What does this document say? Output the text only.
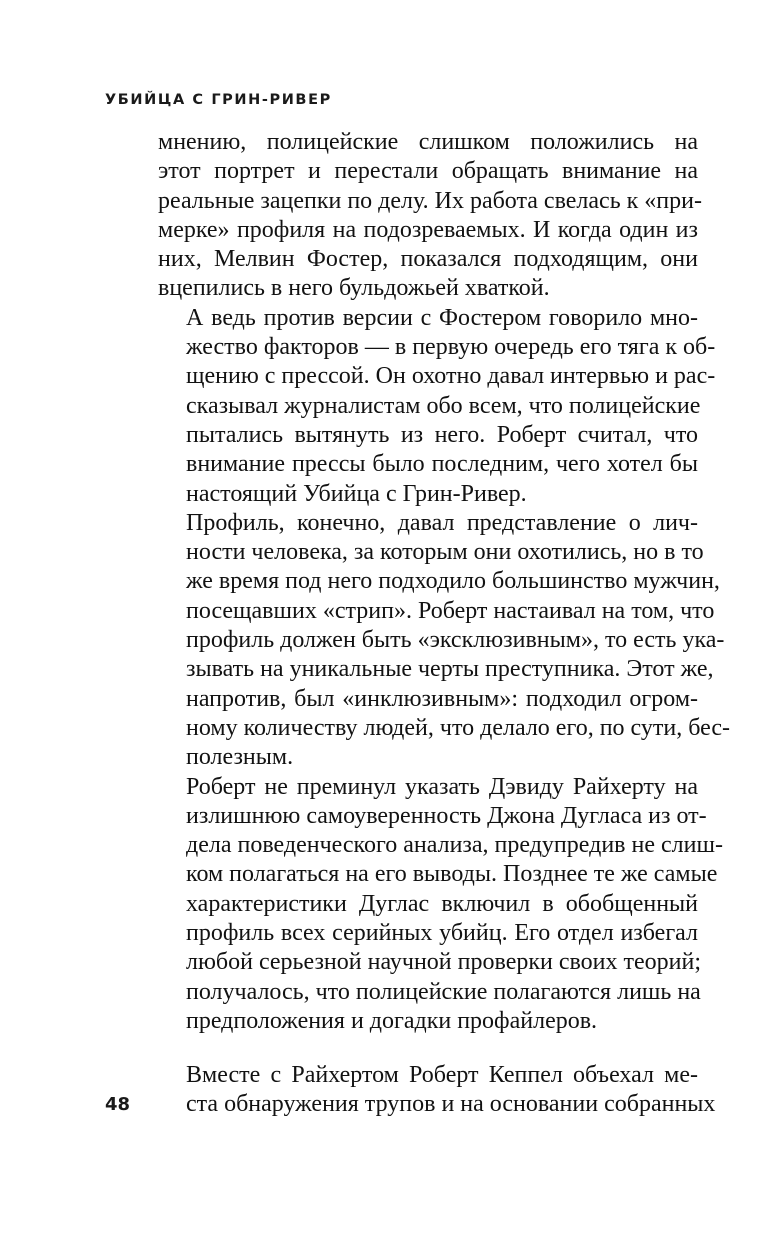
УБИЙЦА С ГРИН-РИВЕР

мнению, полицейские слишком положились на
этот портрет и перестали обращать внимание на
реальные зацепки по делу. Их работа свелась к «при-
мерке» профиля на подозреваемых. И когда один из
них, Мелвин Фостер, показался подходящим, они
вцепились в него бульдожьей хваткой.

А ведь против версии с Фостером говорило мно-
жество факторов — в первую очередь его тяга к об-
щению с прессой. Он охотно давал интервью и рас-
сказывал журналистам обо всем, что полицейские
пытались вытянуть из него. Роберт считал, что
внимание прессы было последним, чего хотел бы
настоящий Убийца с Грин-Ривер.

Профиль, конечно, давал представление о лич-
ности человека, за которым они охотились, но в то
же время под него подходило большинство мужчин,
посещавших «стрип». Роберт настаивал на том, что
профиль должен быть «эксклюзивным», то есть ука-
зывать на уникальные черты преступника. Этот же,
напротив, был «инклюзивным»: подходил огром-
ному количеству людей, что делало его, по сути, бес-
полезным.

Роберт не преминул указать Дэвиду Райхерту на
излишнюю самоуверенность Джона Дугласа из от-
дела поведенческого анализа, предупредив не слиш-
ком полагаться на его выводы. Позднее те же самые
характеристики Дуглас включил в обобщенный
профиль всех серийных убийц. Его отдел избегал
любой серьезной научной проверки своих теорий;
получалось, что полицейские полагаются лишь на
предположения и догадки профайлеров.

Вместе с Райхертом Роберт Кеппел объехал ме-
ста обнаружения трупов и на основании собранных

48
